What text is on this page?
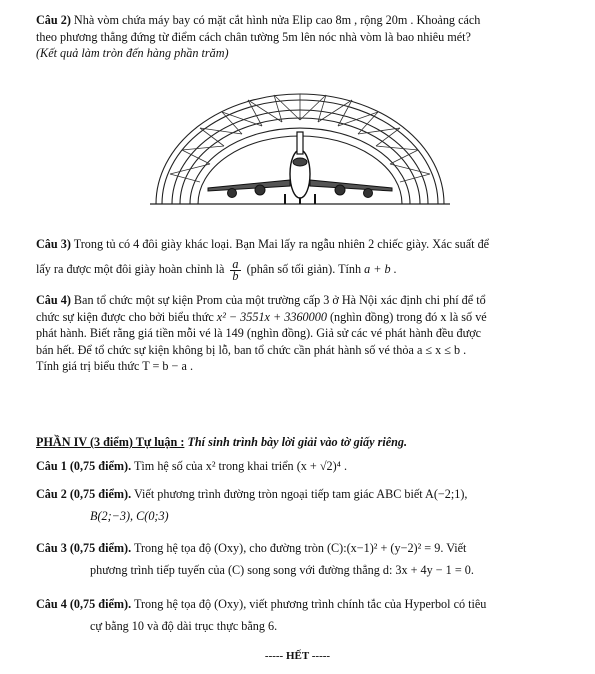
Câu 2) Nhà vòm chứa máy bay có mặt cắt hình nửa Elip cao 8m , rộng 20m . Khoảng cách
theo phương thẳng đứng từ điểm cách chân tường 5m lên nóc nhà vòm là bao nhiêu mét?
(Kết quả làm tròn đến hàng phần trăm)
Câu 3) Trong tủ có 4 đôi giày khác loại. Bạn Mai lấy ra ngẫu nhiên 2 chiếc giày. Xác suất để
lấy ra được một đôi giày hoàn chỉnh là $\frac{a}{b}$ (phân số tối giản). Tính a + b .
Câu 4) Ban tổ chức một sự kiện Prom của một trường cấp 3 ở Hà Nội xác định chi phí để tổ
chức sự kiện được cho bởi biểu thức x² − 3551x + 3360000 (nghìn đồng) trong đó x là số vé
phát hành. Biết rằng giá tiền mỗi vé là 149 (nghìn đồng). Giả sử các vé phát hành đều được
bán hết. Để tổ chức sự kiện không bị lỗ, ban tổ chức cần phát hành số vé thỏa a ≤ x ≤ b .
Tính giá trị biểu thức T = b − a .
PHẦN IV (3 điểm) Tự luận : Thí sinh trình bày lời giải vào tờ giấy riêng.
Câu 1 (0,75 điểm). Tìm hệ số của x² trong khai triển (x + √2)⁴ .
Câu 2 (0,75 điểm). Viết phương trình đường tròn ngoại tiếp tam giác ABC biết A(−2;1),
B(2;−3), C(0;3)
Câu 3 (0,75 điểm). Trong hệ tọa độ (Oxy), cho đường tròn (C):(x−1)² + (y−2)² = 9. Viết
phương trình tiếp tuyến của (C) song song với đường thẳng d: 3x + 4y − 1 = 0.
Câu 4 (0,75 điểm). Trong hệ tọa độ (Oxy), viết phương trình chính tắc của Hyperbol có tiêu
cự bằng 10 và độ dài trục thực bằng 6.
----- HẾT -----
